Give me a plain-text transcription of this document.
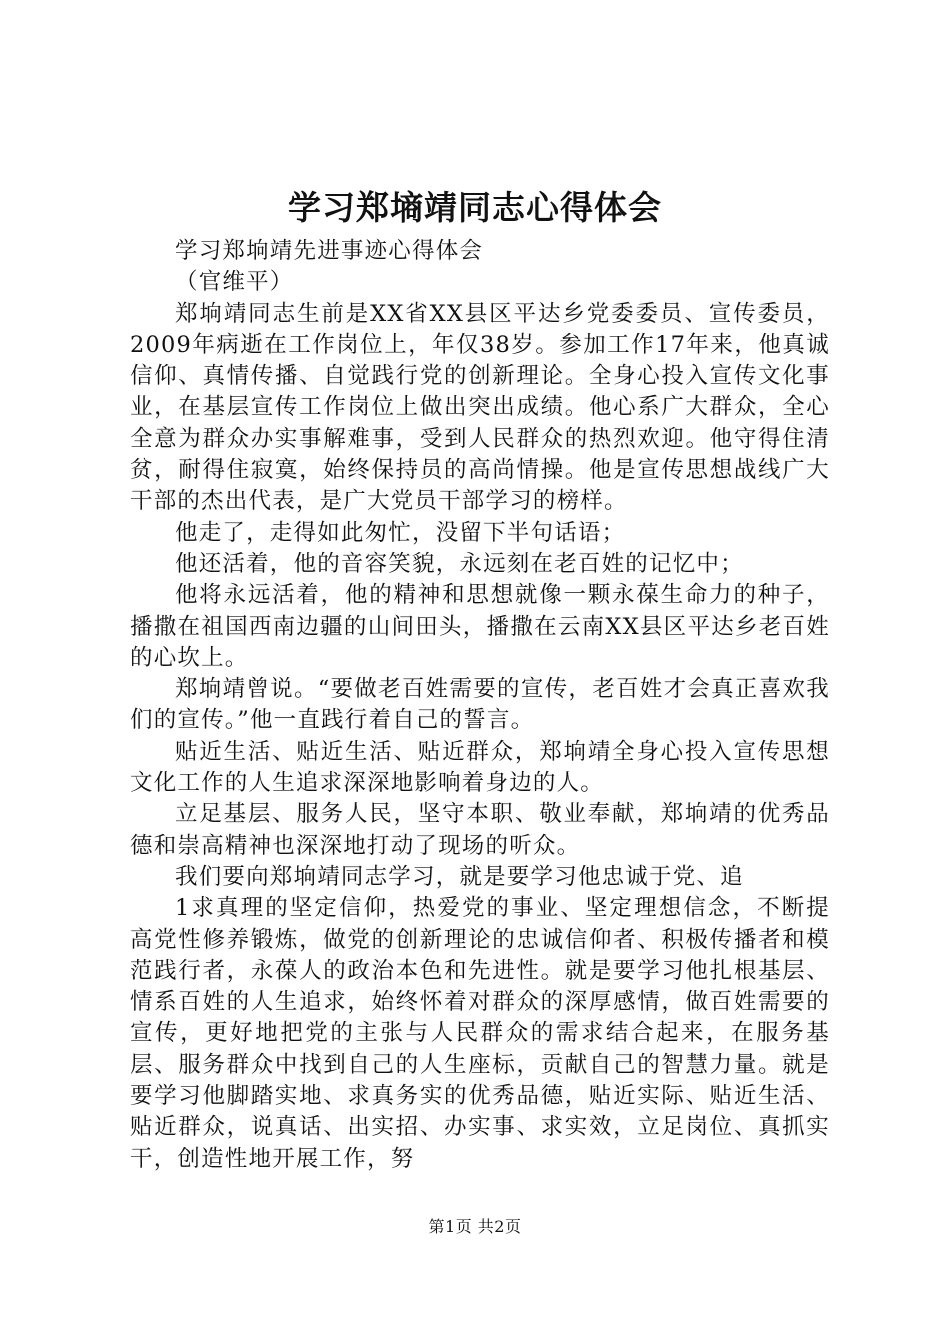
学习郑墒靖同志心得体会

学习郑垧靖先进事迹心得体会

（官维平）

郑垧靖同志生前是XX省XX县区平达乡党委委员、宣传委员，2009年病逝在工作岗位上，年仅38岁。参加工作17年来，他真诚信仰、真情传播、自觉践行党的创新理论。全身心投入宣传文化事业，在基层宣传工作岗位上做出突出成绩。他心系广大群众，全心全意为群众办实事解难事，受到人民群众的热烈欢迎。他守得住清贫，耐得住寂寞，始终保持员的高尚情操。他是宣传思想战线广大干部的杰出代表，是广大党员干部学习的榜样。

他走了，走得如此匆忙，没留下半句话语；

他还活着，他的音容笑貌，永远刻在老百姓的记忆中；

他将永远活着，他的精神和思想就像一颗永葆生命力的种子，播撒在祖国西南边疆的山间田头，播撒在云南XX县区平达乡老百姓的心坎上。

郑垧靖曾说。“要做老百姓需要的宣传，老百姓才会真正喜欢我们的宣传。”他一直践行着自己的誓言。

贴近生活、贴近生活、贴近群众，郑垧靖全身心投入宣传思想文化工作的人生追求深深地影响着身边的人。

立足基层、服务人民，坚守本职、敬业奉献，郑垧靖的优秀品德和崇高精神也深深地打动了现场的听众。

我们要向郑垧靖同志学习，就是要学习他忠诚于党、追

1求真理的坚定信仰，热爱党的事业、坚定理想信念，不断提高党性修养锻炼，做党的创新理论的忠诚信仰者、积极传播者和模范践行者，永葆人的政治本色和先进性。就是要学习他扎根基层、情系百姓的人生追求，始终怀着对群众的深厚感情，做百姓需要的宣传，更好地把党的主张与人民群众的需求结合起来，在服务基层、服务群众中找到自己的人生座标，贡献自己的智慧力量。就是要学习他脚踏实地、求真务实的优秀品德，贴近实际、贴近生活、贴近群众，说真话、出实招、办实事、求实效，立足岗位、真抓实干，创造性地开展工作，努

第1页 共2页
